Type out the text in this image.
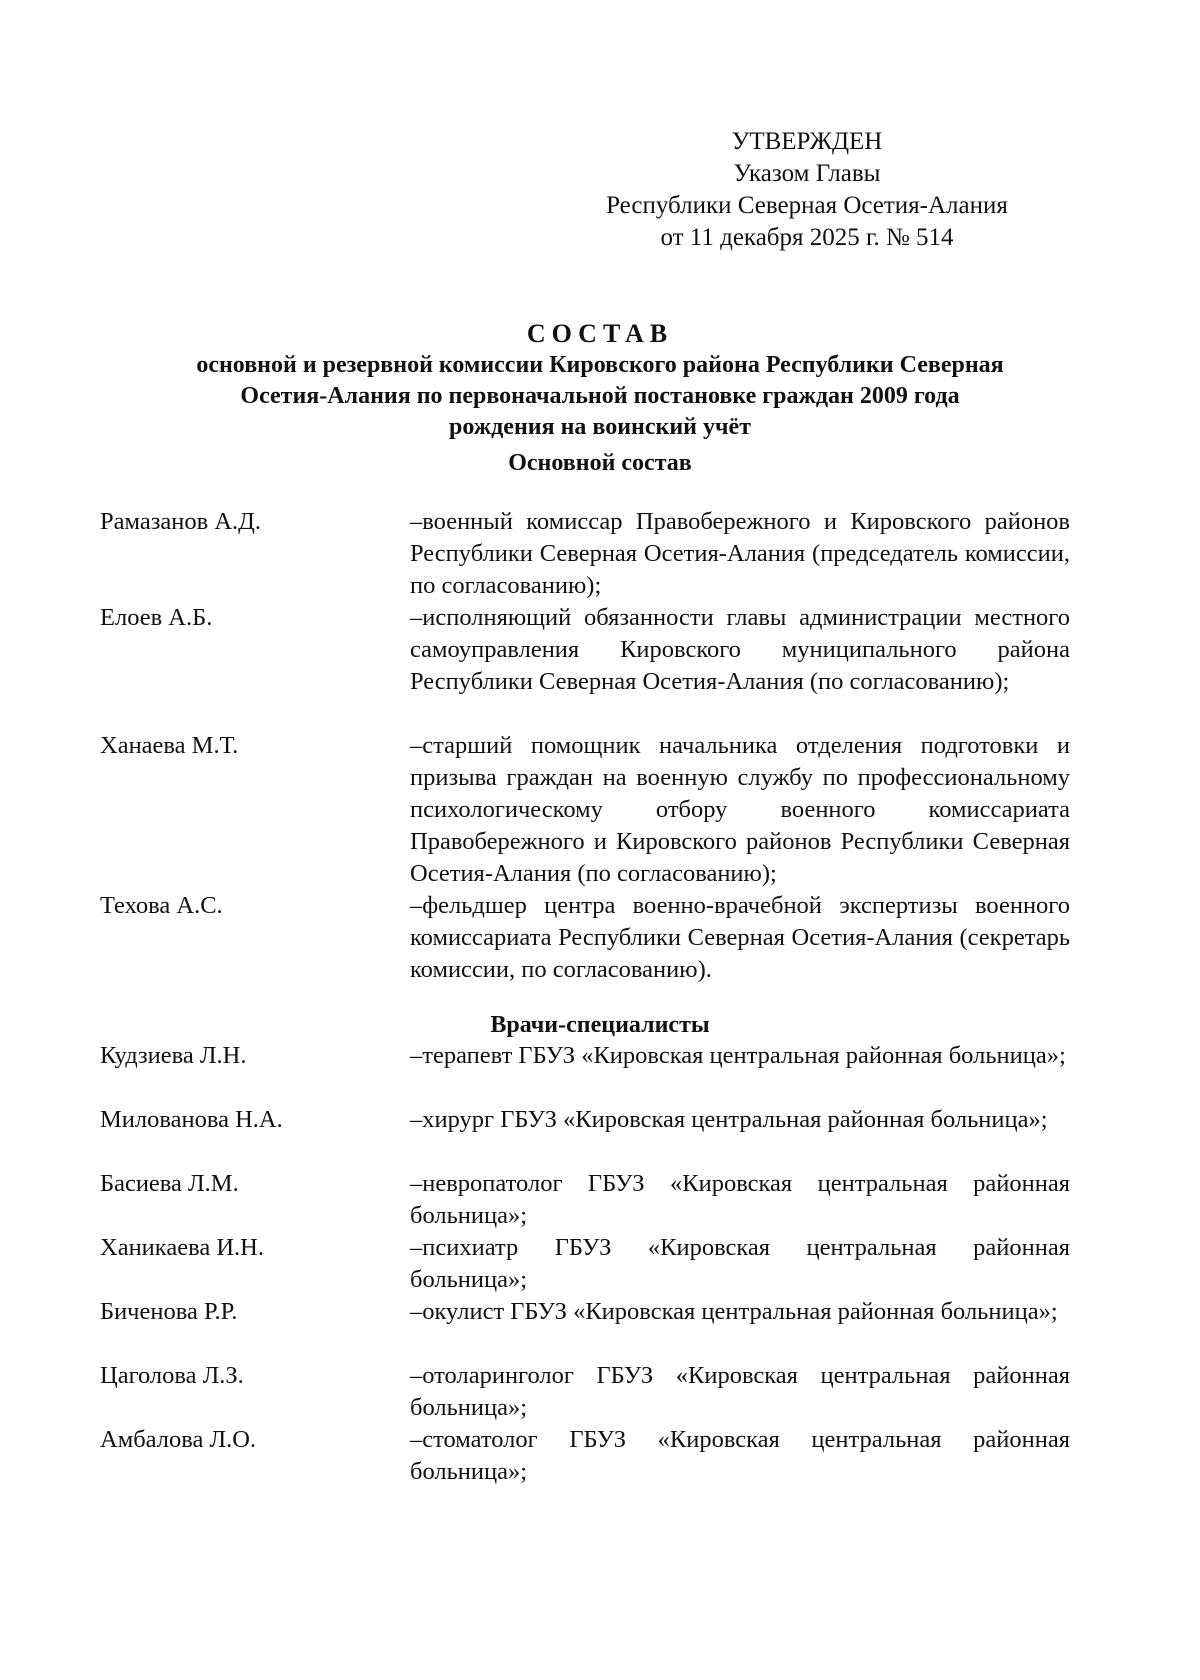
УТВЕРЖДЕН
Указом Главы
Республики Северная Осетия-Алания
от 11 декабря 2025 г. № 514
СОСТАВ
основной и резервной комиссии Кировского района Республики Северная
Осетия-Алания по первоначальной постановке граждан 2009 года
рождения на воинский учёт
Основной состав
Рамазанов А.Д.	–военный комиссар Правобережного и Кировского районов Республики Северная Осетия-Алания (председатель комиссии, по согласованию);
Елоев А.Б.	–исполняющий обязанности главы администрации местного самоуправления Кировского муниципального района Республики Северная Осетия-Алания (по согласованию);
Ханаева М.Т.	–старший помощник начальника отделения подготовки и призыва граждан на военную службу по профессиональному психологическому отбору военного комиссариата Правобережного и Кировского районов Республики Северная Осетия-Алания (по согласованию);
Техова А.С.	–фельдшер центра военно-врачебной экспертизы военного комиссариата Республики Северная Осетия-Алания (секретарь комиссии, по согласованию).
Врачи-специалисты
Кудзиева Л.Н.	–терапевт ГБУЗ «Кировская центральная районная больница»;
Милованова Н.А.	–хирург ГБУЗ «Кировская центральная районная больница»;
Басиева Л.М.	–невропатолог ГБУЗ «Кировская центральная районная больница»;
Ханикаева И.Н.	–психиатр ГБУЗ «Кировская центральная районная больница»;
Биченова Р.Р.	–окулист ГБУЗ «Кировская центральная районная больница»;
Цаголова Л.З.	–отоларинголог ГБУЗ «Кировская центральная районная больница»;
Амбалова Л.О.	–стоматолог ГБУЗ «Кировская центральная районная больница»;
